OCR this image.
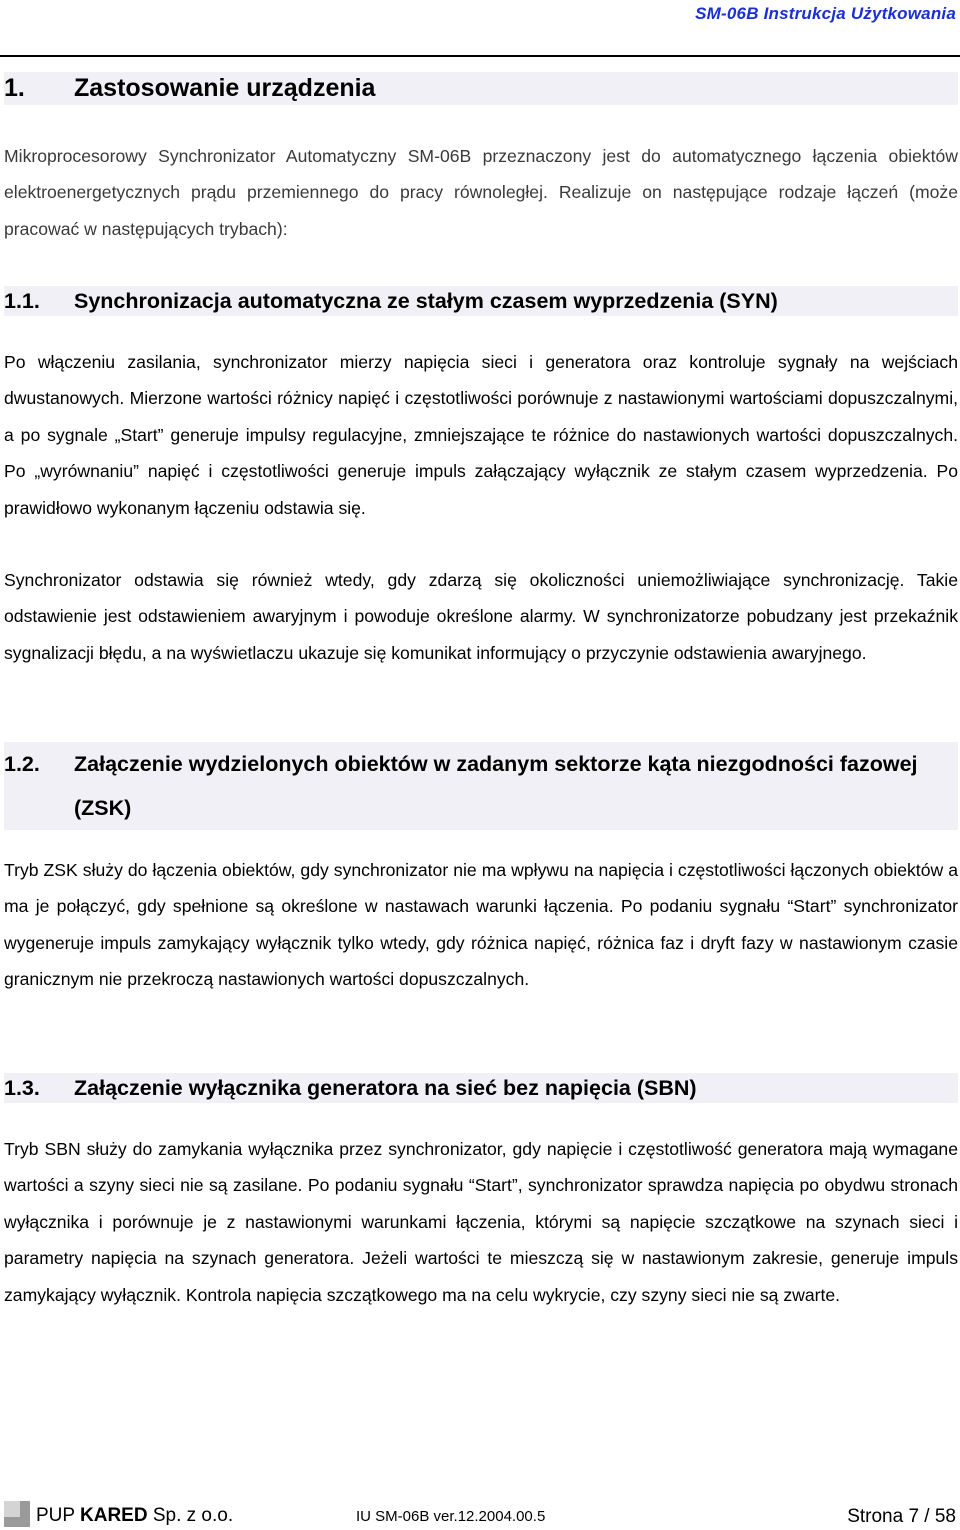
SM-06B Instrukcja Użytkowania
1.	Zastosowanie urządzenia

Mikroprocesorowy Synchronizator Automatyczny SM-06B przeznaczony jest do automatycznego łączenia obiektów elektroenergetycznych prądu przemiennego do pracy równoległej. Realizuje on następujące rodzaje łączeń (może pracować w następujących trybach):

1.1.	Synchronizacja automatyczna ze stałym czasem wyprzedzenia (SYN)

Po włączeniu zasilania, synchronizator mierzy napięcia sieci i generatora oraz kontroluje sygnały na wejściach dwustanowych. Mierzone wartości różnicy napięć i częstotliwości porównuje z nastawionymi wartościami dopuszczalnymi, a po sygnale „Start” generuje impulsy regulacyjne, zmniejszające te różnice do nastawionych wartości dopuszczalnych. Po „wyrównaniu” napięć i częstotliwości generuje impuls załączający wyłącznik ze stałym czasem wyprzedzenia. Po prawidłowo wykonanym łączeniu odstawia się.

Synchronizator odstawia się również wtedy, gdy zdarzą się okoliczności uniemożliwiające synchronizację. Takie odstawienie jest odstawieniem awaryjnym i powoduje określone alarmy. W synchronizatorze pobudzany jest przekaźnik sygnalizacji błędu, a na wyświetlaczu ukazuje się komunikat informujący o przyczynie odstawienia awaryjnego.

1.2.	Załączenie wydzielonych obiektów w zadanym sektorze kąta niezgodności fazowej (ZSK)

Tryb ZSK służy do łączenia obiektów, gdy synchronizator nie ma wpływu na napięcia i częstotliwości łączonych obiektów a ma je połączyć, gdy spełnione są określone w nastawach warunki łączenia. Po podaniu sygnału “Start” synchronizator wygeneruje impuls zamykający wyłącznik tylko wtedy, gdy różnica napięć, różnica faz i dryft fazy w nastawionym czasie granicznym nie przekroczą nastawionych wartości dopuszczalnych.

1.3.	Załączenie wyłącznika generatora na sieć bez napięcia (SBN)

Tryb SBN służy do zamykania wyłącznika przez synchronizator, gdy napięcie i częstotliwość generatora mają wymagane wartości a szyny sieci nie są zasilane. Po podaniu sygnału “Start”, synchronizator sprawdza napięcia po obydwu stronach wyłącznika i porównuje je z nastawionymi warunkami łączenia, którymi są napięcie szczątkowe na szynach sieci i parametry napięcia na szynach generatora. Jeżeli wartości te mieszczą się w nastawionym zakresie, generuje impuls zamykający wyłącznik. Kontrola napięcia szczątkowego ma na celu wykrycie, czy szyny sieci nie są zwarte.

PUP KARED Sp. z o.o.	IU SM-06B ver.12.2004.00.5	Strona 7 / 58
